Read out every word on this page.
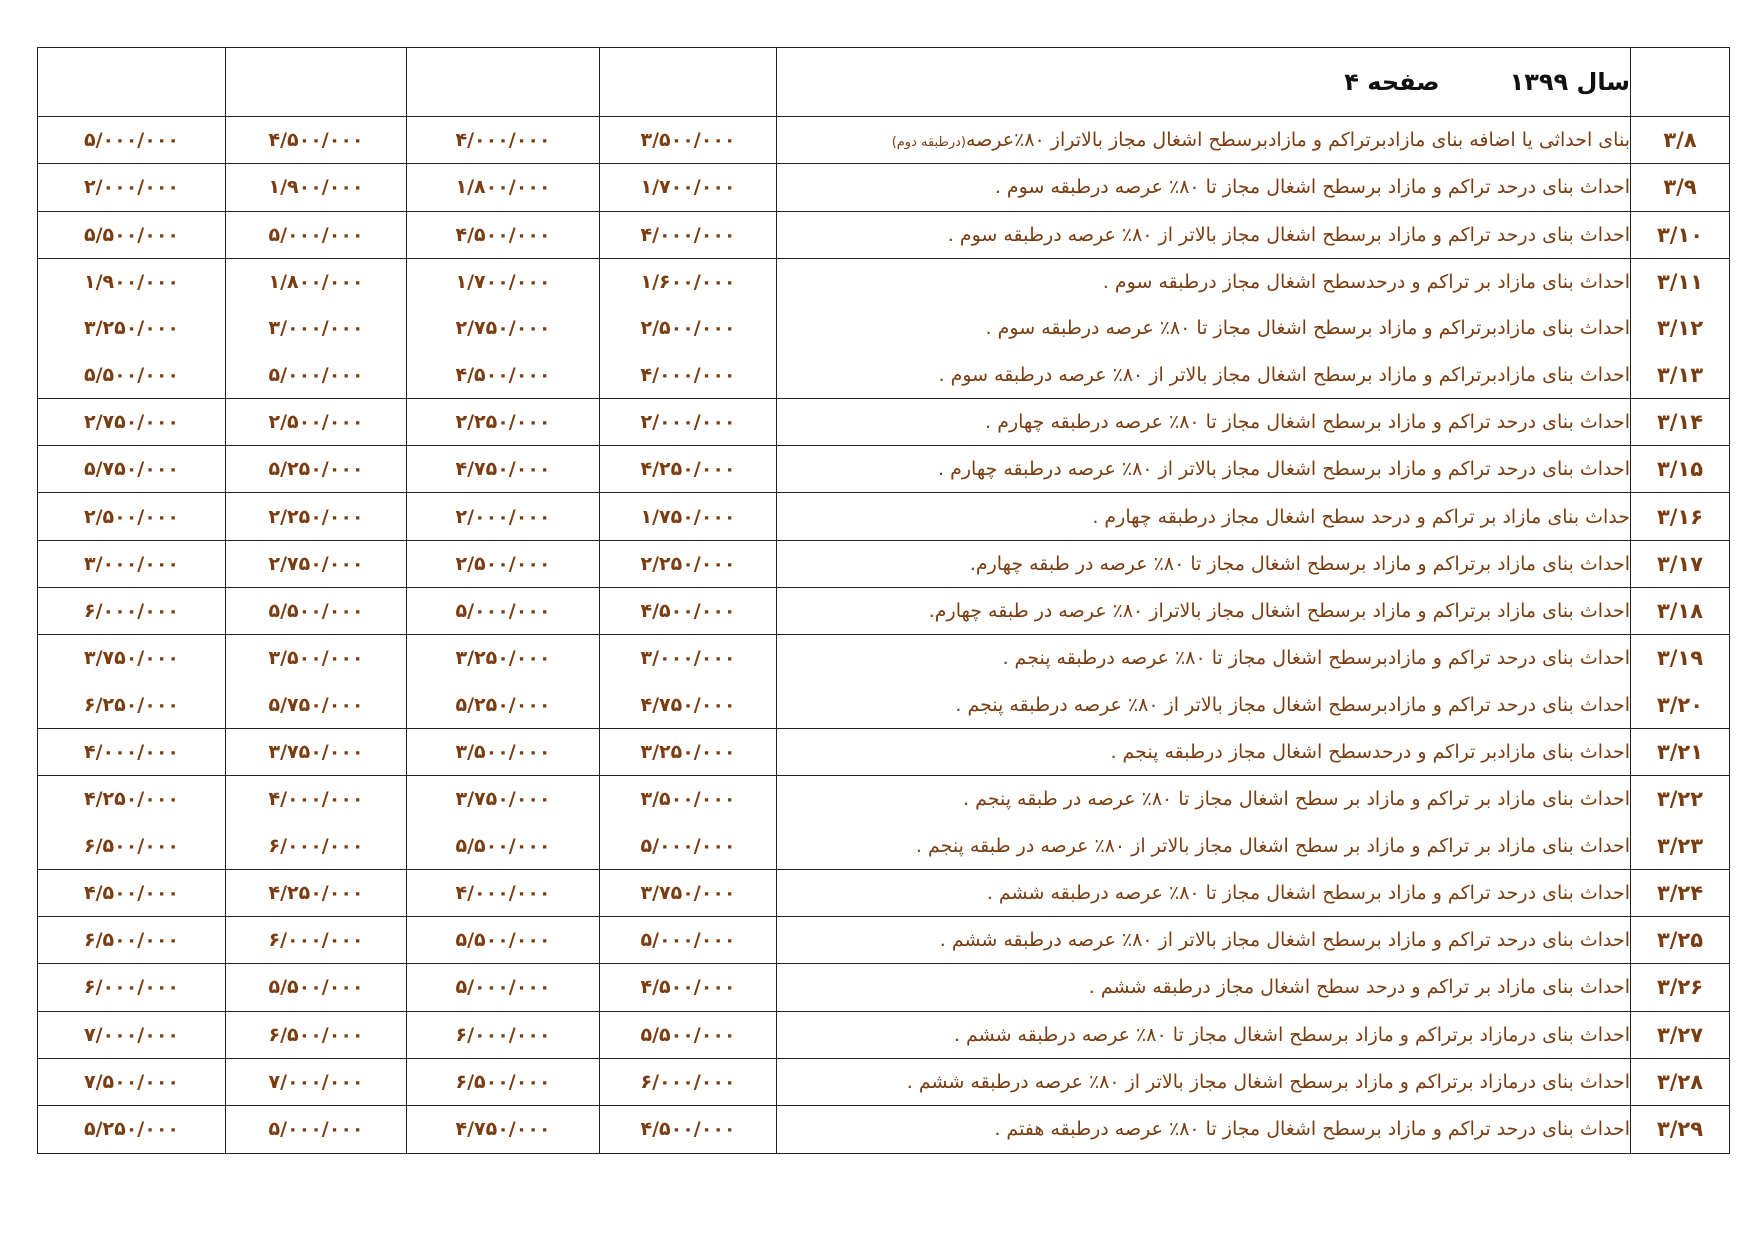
				سال ۱۳۹۹صفحه ۴	
۵/۰۰۰/۰۰۰	۴/۵۰۰/۰۰۰	۴/۰۰۰/۰۰۰	۳/۵۰۰/۰۰۰	بنای احداثی یا اضافه بنای مازادبرتراکم و مازادبرسطح اشغال مجاز بالاتراز ۸۰٪عرصه(درطبقه دوم)	۳/۸
۲/۰۰۰/۰۰۰	۱/۹۰۰/۰۰۰	۱/۸۰۰/۰۰۰	۱/۷۰۰/۰۰۰	احداث بنای درحد تراکم و مازاد برسطح اشغال مجاز تا ۸۰٪ عرصه درطبقه سوم .	۳/۹
۵/۵۰۰/۰۰۰	۵/۰۰۰/۰۰۰	۴/۵۰۰/۰۰۰	۴/۰۰۰/۰۰۰	احداث بنای درحد تراکم و مازاد برسطح اشغال مجاز بالاتر از ۸۰٪ عرصه درطبقه سوم .	۳/۱۰
۱/۹۰۰/۰۰۰	۱/۸۰۰/۰۰۰	۱/۷۰۰/۰۰۰	۱/۶۰۰/۰۰۰	احداث بنای مازاد بر تراکم و درحدسطح اشغال مجاز درطبقه سوم .	۳/۱۱
۳/۲۵۰/۰۰۰	۳/۰۰۰/۰۰۰	۲/۷۵۰/۰۰۰	۲/۵۰۰/۰۰۰	احداث بنای مازادبرتراکم و مازاد برسطح اشغال مجاز تا ۸۰٪ عرصه درطبقه سوم .	۳/۱۲
۵/۵۰۰/۰۰۰	۵/۰۰۰/۰۰۰	۴/۵۰۰/۰۰۰	۴/۰۰۰/۰۰۰	احداث بنای مازادبرتراکم و مازاد برسطح اشغال مجاز بالاتر از ۸۰٪ عرصه درطبقه سوم .	۳/۱۳
۲/۷۵۰/۰۰۰	۲/۵۰۰/۰۰۰	۲/۲۵۰/۰۰۰	۲/۰۰۰/۰۰۰	احداث بنای درحد تراکم و مازاد برسطح اشغال مجاز تا ۸۰٪ عرصه درطبقه چهارم .	۳/۱۴
۵/۷۵۰/۰۰۰	۵/۲۵۰/۰۰۰	۴/۷۵۰/۰۰۰	۴/۲۵۰/۰۰۰	احداث بنای درحد تراکم و مازاد برسطح اشغال مجاز بالاتر از ۸۰٪ عرصه درطبقه چهارم .	۳/۱۵
۲/۵۰۰/۰۰۰	۲/۲۵۰/۰۰۰	۲/۰۰۰/۰۰۰	۱/۷۵۰/۰۰۰	حداث بنای مازاد بر تراکم و درحد سطح اشغال مجاز درطبقه چهارم .	۳/۱۶
۳/۰۰۰/۰۰۰	۲/۷۵۰/۰۰۰	۲/۵۰۰/۰۰۰	۲/۲۵۰/۰۰۰	احداث بنای مازاد برتراکم و مازاد برسطح اشغال مجاز تا ۸۰٪ عرصه در طبقه چهارم.	۳/۱۷
۶/۰۰۰/۰۰۰	۵/۵۰۰/۰۰۰	۵/۰۰۰/۰۰۰	۴/۵۰۰/۰۰۰	احداث بنای مازاد برتراکم و مازاد برسطح اشغال مجاز بالاتراز ۸۰٪ عرصه در طبقه چهارم.	۳/۱۸
۳/۷۵۰/۰۰۰	۳/۵۰۰/۰۰۰	۳/۲۵۰/۰۰۰	۳/۰۰۰/۰۰۰	احداث بنای درحد تراکم و مازادبرسطح اشغال مجاز تا ۸۰٪ عرصه درطبقه پنجم .	۳/۱۹
۶/۲۵۰/۰۰۰	۵/۷۵۰/۰۰۰	۵/۲۵۰/۰۰۰	۴/۷۵۰/۰۰۰	احداث بنای درحد تراکم و مازادبرسطح اشغال مجاز بالاتر از ۸۰٪ عرصه درطبقه پنجم .	۳/۲۰
۴/۰۰۰/۰۰۰	۳/۷۵۰/۰۰۰	۳/۵۰۰/۰۰۰	۳/۲۵۰/۰۰۰	احداث بنای مازادبر تراکم و درحدسطح اشغال مجاز درطبقه پنجم .	۳/۲۱
۴/۲۵۰/۰۰۰	۴/۰۰۰/۰۰۰	۳/۷۵۰/۰۰۰	۳/۵۰۰/۰۰۰	احداث بنای مازاد بر تراکم و مازاد بر سطح اشغال مجاز تا ۸۰٪ عرصه در طبقه پنجم .	۳/۲۲
۶/۵۰۰/۰۰۰	۶/۰۰۰/۰۰۰	۵/۵۰۰/۰۰۰	۵/۰۰۰/۰۰۰	احداث بنای مازاد بر تراکم و مازاد بر سطح اشغال مجاز بالاتر از ۸۰٪ عرصه در طبقه پنجم .	۳/۲۳
۴/۵۰۰/۰۰۰	۴/۲۵۰/۰۰۰	۴/۰۰۰/۰۰۰	۳/۷۵۰/۰۰۰	احداث بنای درحد تراکم و مازاد برسطح اشغال مجاز تا ۸۰٪ عرصه درطبقه ششم .	۳/۲۴
۶/۵۰۰/۰۰۰	۶/۰۰۰/۰۰۰	۵/۵۰۰/۰۰۰	۵/۰۰۰/۰۰۰	احداث بنای درحد تراکم و مازاد برسطح اشغال مجاز بالاتر از ۸۰٪ عرصه درطبقه ششم .	۳/۲۵
۶/۰۰۰/۰۰۰	۵/۵۰۰/۰۰۰	۵/۰۰۰/۰۰۰	۴/۵۰۰/۰۰۰	احداث بنای مازاد بر تراکم و درحد سطح اشغال مجاز درطبقه ششم .	۳/۲۶
۷/۰۰۰/۰۰۰	۶/۵۰۰/۰۰۰	۶/۰۰۰/۰۰۰	۵/۵۰۰/۰۰۰	احداث بنای درمازاد برتراکم و مازاد برسطح اشغال مجاز تا ۸۰٪ عرصه درطبقه ششم .	۳/۲۷
۷/۵۰۰/۰۰۰	۷/۰۰۰/۰۰۰	۶/۵۰۰/۰۰۰	۶/۰۰۰/۰۰۰	احداث بنای درمازاد برتراکم و مازاد برسطح اشغال مجاز بالاتر از ۸۰٪ عرصه درطبقه ششم .	۳/۲۸
۵/۲۵۰/۰۰۰	۵/۰۰۰/۰۰۰	۴/۷۵۰/۰۰۰	۴/۵۰۰/۰۰۰	احداث بنای درحد تراکم و مازاد برسطح اشغال مجاز تا ۸۰٪ عرصه درطبقه هفتم .	۳/۲۹
